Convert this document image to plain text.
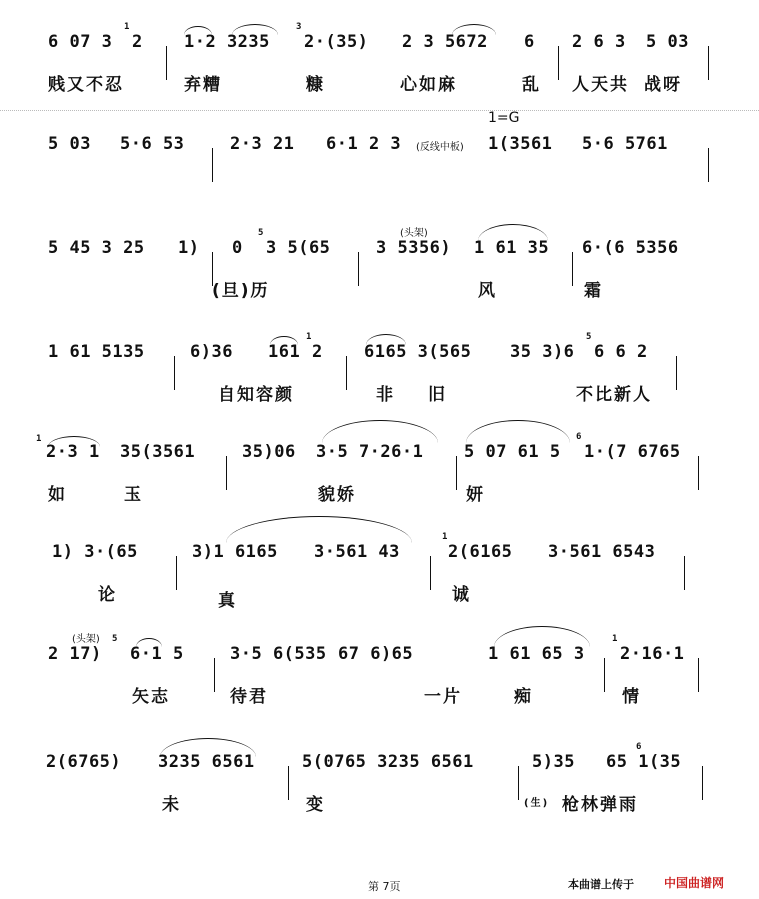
1=G
6 07 3
1
2 1·2 3235
3
2·(35) 2 3 5672 6 2 6 3 5 03
贱又不忍	弃糟	糠	心如麻	乱 人天共 战呀
5 03 5·6 53	2·3 21 6·1 2 3 (反线中板) 1(3561 5·6 5761
(头架)
5 45 3 25 1) 0
5
3 5(65	3 5356) 1 61 35 6·(6 5356
(旦)历	风	霜
1 61 5135	6)36 161
1
2 6165 3(565 35 3)6
5
6 6 2
自知容颜	非 旧	不比新人
1
2·3 1 35(3561	35)06 3·5 7·26·1 5 07 61 5
6
1·(7 6765
如	玉	貌娇	妍
1) 3·(65	3)1 6165 3·561 43
1
2(6165 3·561 6543
论	真	诚
(头架)
2 17)
5
6·1 5	3·5 6(535 67 6)65	1 61 65 3
1
2·16·1
矢志	待君	一片	痴	情
2(6765) 3235 6561	5(0765 3235 6561	5)35
6
65 1(35
未	变	(生) 枪林弹雨
第 7页	本曲谱上传于	中国曲谱网
